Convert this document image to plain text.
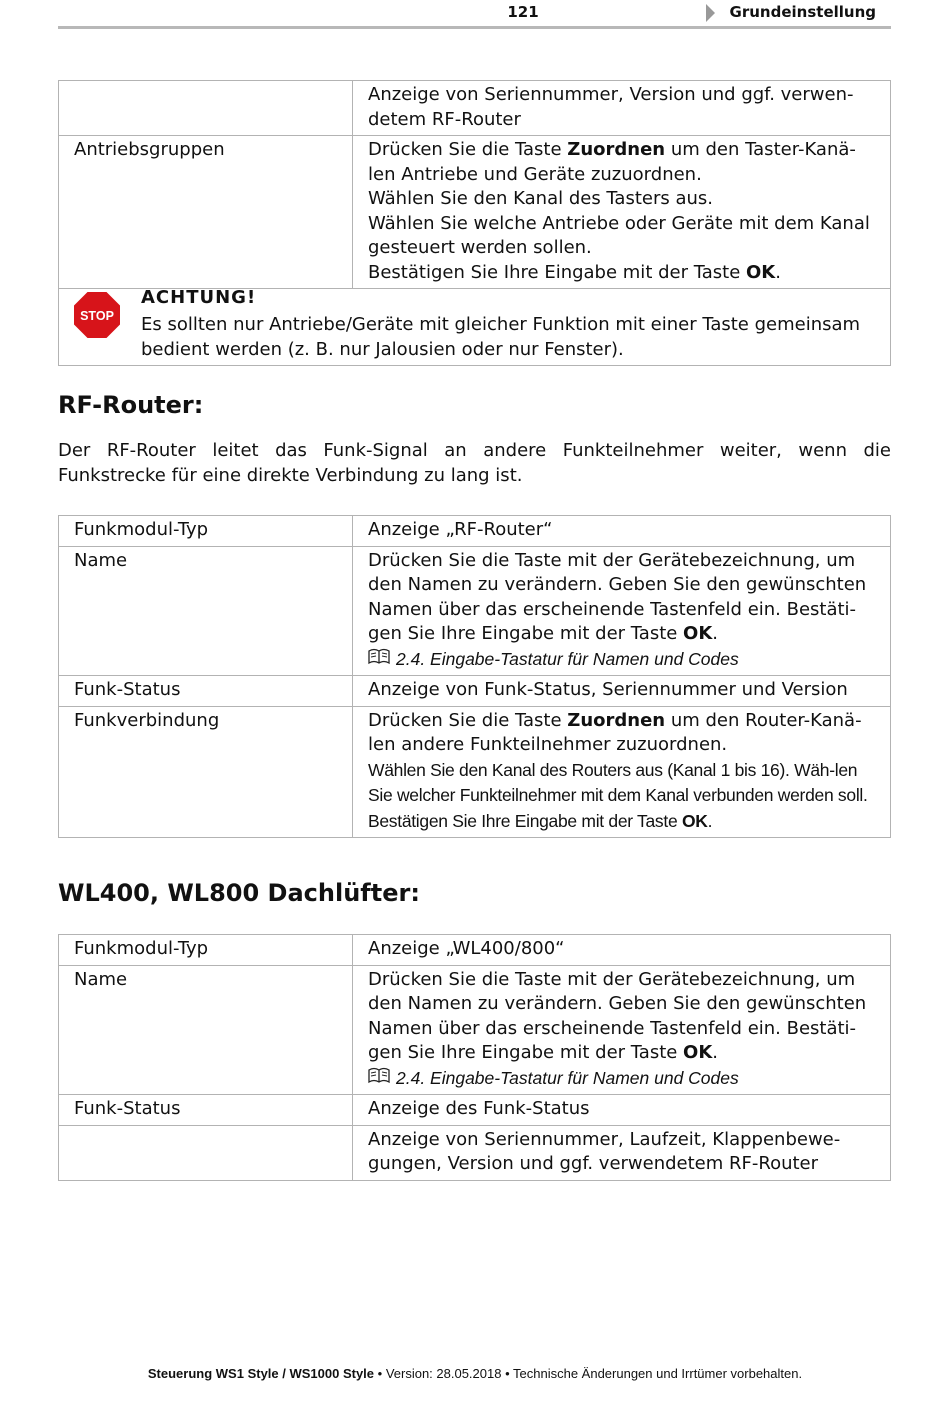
121	Grundeinstellung
	Anzeige von Seriennummer, Version und ggf. verwen-detem RF-Router
Antriebsgruppen	Drücken Sie die Taste Zuordnen um den Taster-Kanä-len Antriebe und Geräte zuzuordnen.
Wählen Sie den Kanal des Tasters aus.
Wählen Sie welche Antriebe oder Geräte mit dem Kanal gesteuert werden sollen.
Bestätigen Sie Ihre Eingabe mit der Taste OK.
STOP
ACHTUNG!
Es sollten nur Antriebe/Geräte mit gleicher Funktion mit einer Taste gemeinsam bedient werden (z. B. nur Jalousien oder nur Fenster).
RF-Router:

Der RF-Router leitet das Funk-Signal an andere Funkteilnehmer weiter, wenn die Funkstrecke für eine direkte Verbindung zu lang ist.

Funkmodul-Typ	Anzeige „RF-Router“
Name	Drücken Sie die Taste mit der Gerätebezeichnung, um den Namen zu verändern. Geben Sie den gewünschten Namen über das erscheinende Tastenfeld ein. Bestäti-gen Sie Ihre Eingabe mit der Taste OK.
2.4. Eingabe-Tastatur für Namen und Codes
Funk-Status	Anzeige von Funk-Status, Seriennummer und Version
Funkverbindung	Drücken Sie die Taste Zuordnen um den Router-Kanä-len andere Funkteilnehmer zuzuordnen.
Wählen Sie den Kanal des Routers aus (Kanal 1 bis 16). Wäh-len Sie welcher Funkteilnehmer mit dem Kanal verbunden werden soll.
Bestätigen Sie Ihre Eingabe mit der Taste OK.
WL400, WL800 Dachlüfter:
Funkmodul-Typ	Anzeige „WL400/800“
Name	Drücken Sie die Taste mit der Gerätebezeichnung, um den Namen zu verändern. Geben Sie den gewünschten Namen über das erscheinende Tastenfeld ein. Bestäti-gen Sie Ihre Eingabe mit der Taste OK.
2.4. Eingabe-Tastatur für Namen und Codes
Funk-Status	Anzeige des Funk-Status
	Anzeige von Seriennummer, Laufzeit, Klappenbewe-gungen, Version und ggf. verwendetem RF-Router
Steuerung WS1 Style / WS1000 Style • Version: 28.05.2018 • Technische Änderungen und Irrtümer vorbehalten.
